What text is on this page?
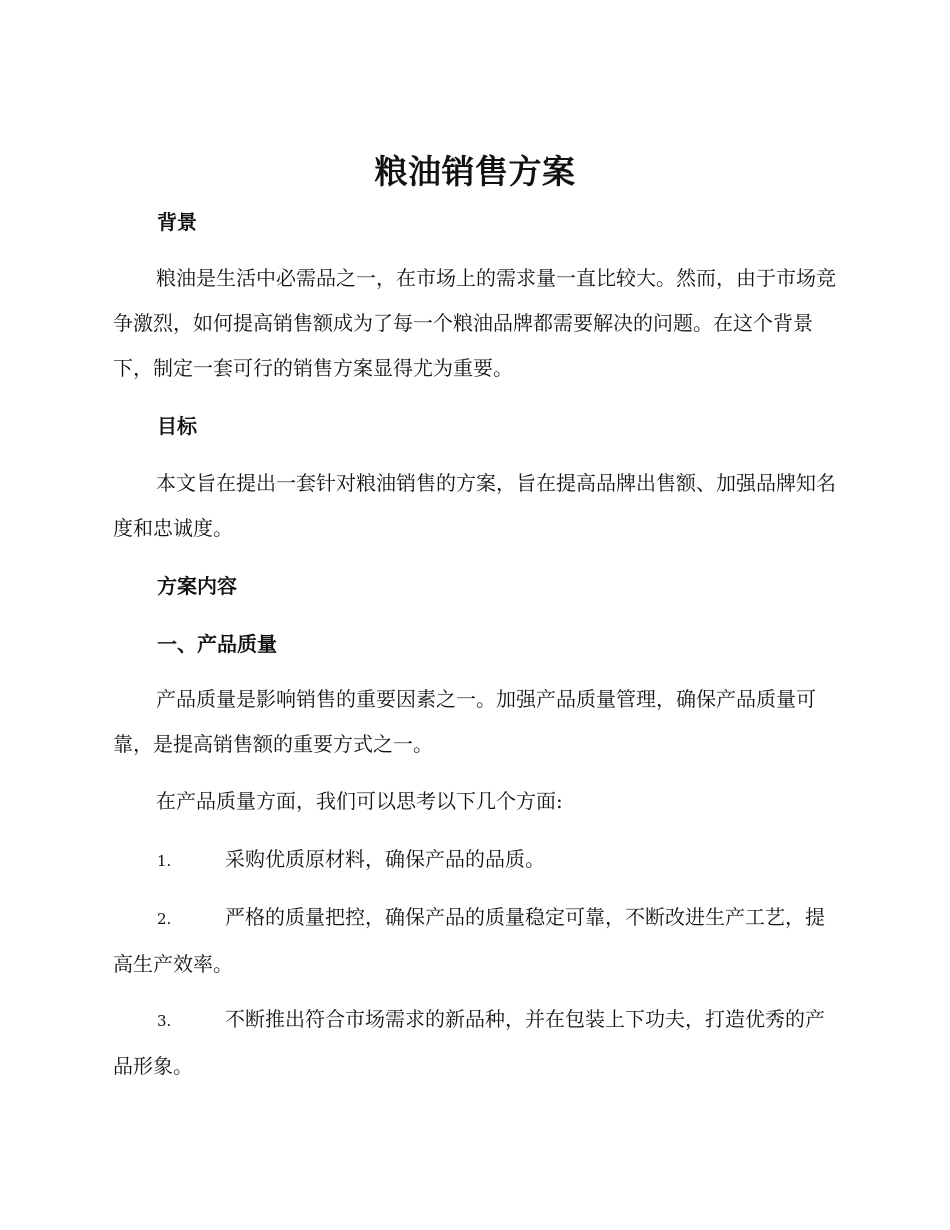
粮油销售方案
背景

粮油是生活中必需品之一，在市场上的需求量一直比较大。然而，由于市场竞争激烈，如何提高销售额成为了每一个粮油品牌都需要解决的问题。在这个背景下，制定一套可行的销售方案显得尤为重要。

目标

本文旨在提出一套针对粮油销售的方案，旨在提高品牌出售额、加强品牌知名度和忠诚度。

方案内容
一、产品质量

产品质量是影响销售的重要因素之一。加强产品质量管理，确保产品质量可靠，是提高销售额的重要方式之一。

在产品质量方面，我们可以思考以下几个方面:

1.	采购优质原材料，确保产品的品质。

2.	严格的质量把控，确保产品的质量稳定可靠，不断改进生产工艺，提高生产效率。

3.	不断推出符合市场需求的新品种，并在包装上下功夫，打造优秀的产品形象。
